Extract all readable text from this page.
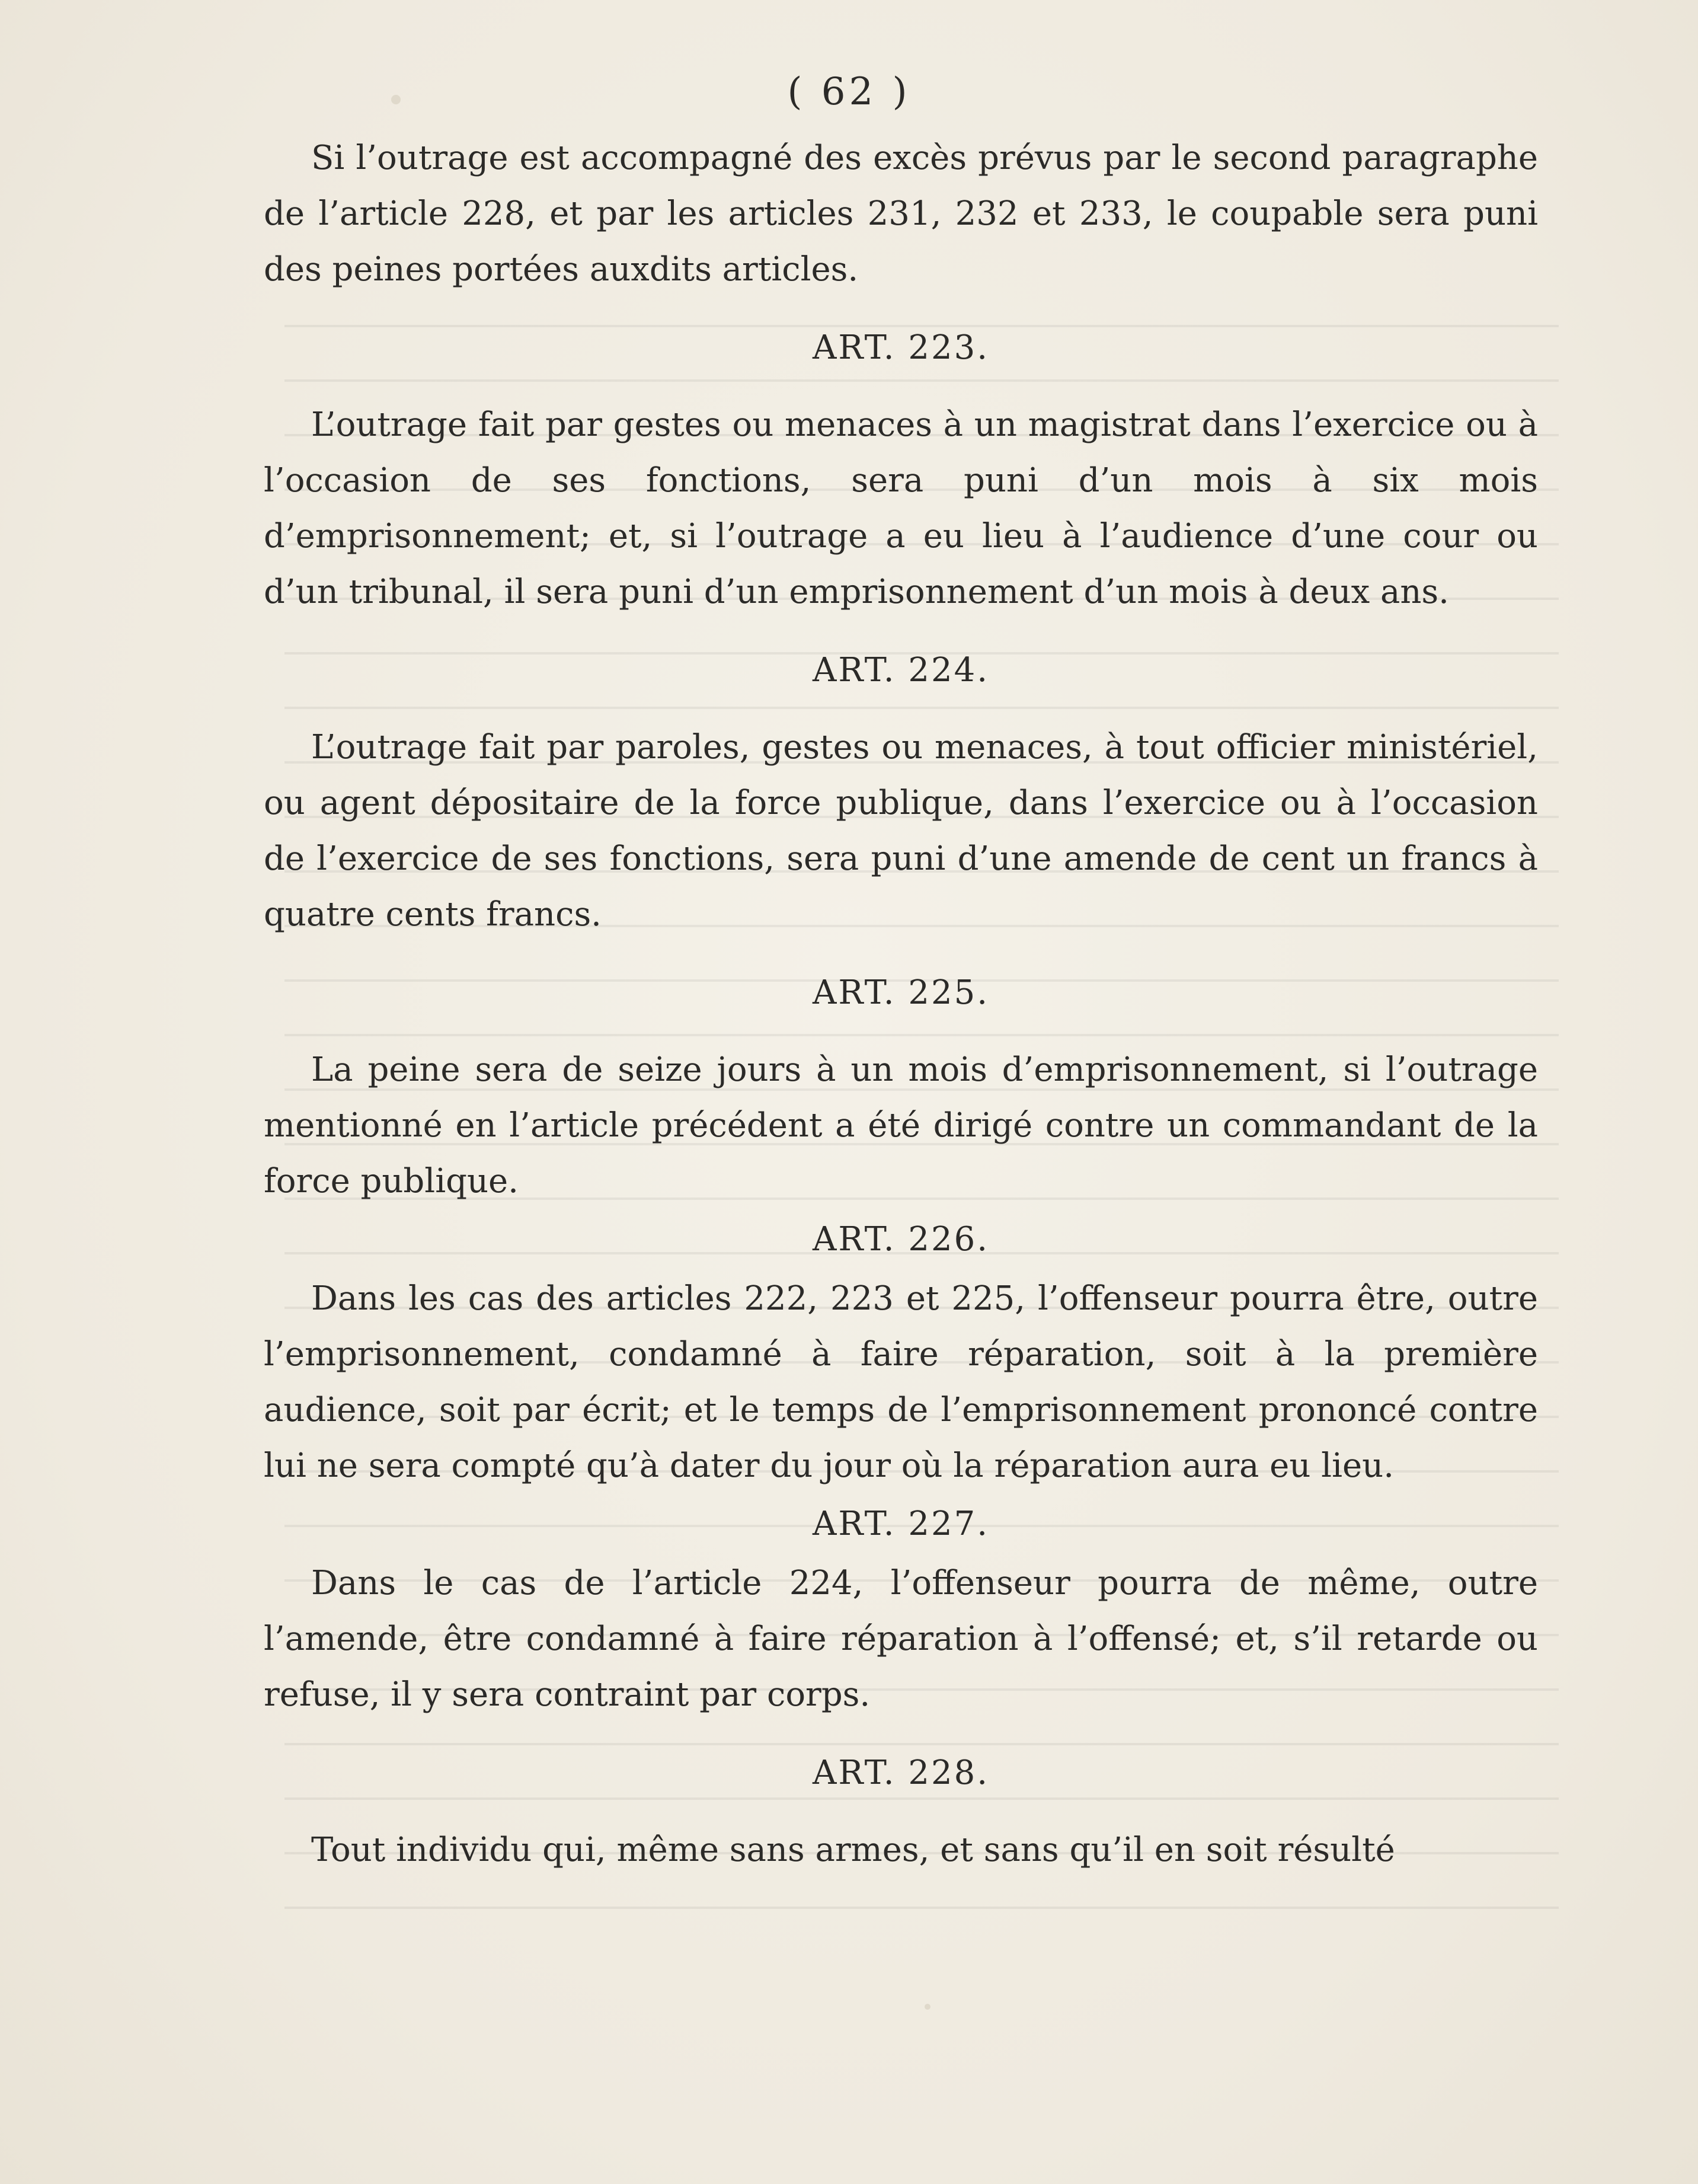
( 62 )

Si l’outrage est accompagné des excès prévus par le second paragraphe de l’article 228, et par les articles 231, 232 et 233, le coupable sera puni des peines portées auxdits articles.

ART. 223.

L’outrage fait par gestes ou menaces à un magistrat dans l’exercice ou à l’occasion de ses fonctions, sera puni d’un mois à six mois d’emprisonnement; et, si l’outrage a eu lieu à l’audience d’une cour ou d’un tribunal, il sera puni d’un emprisonnement d’un mois à deux ans.

ART. 224.

L’outrage fait par paroles, gestes ou menaces, à tout officier ministériel, ou agent dépositaire de la force publique, dans l’exercice ou à l’occasion de l’exercice de ses fonctions, sera puni d’une amende de cent un francs à quatre cents francs.

ART. 225.

La peine sera de seize jours à un mois d’emprisonnement, si l’outrage mentionné en l’article précédent a été dirigé contre un commandant de la force publique.

ART. 226.

Dans les cas des articles 222, 223 et 225, l’offenseur pourra être, outre l’emprisonnement, condamné à faire réparation, soit à la première audience, soit par écrit; et le temps de l’emprisonnement prononcé contre lui ne sera compté qu’à dater du jour où la réparation aura eu lieu.

ART. 227.

Dans le cas de l’article 224, l’offenseur pourra de même, outre l’amende, être condamné à faire réparation à l’offensé; et, s’il retarde ou refuse, il y sera contraint par corps.

ART. 228.

Tout individu qui, même sans armes, et sans qu’il en soit résulté
